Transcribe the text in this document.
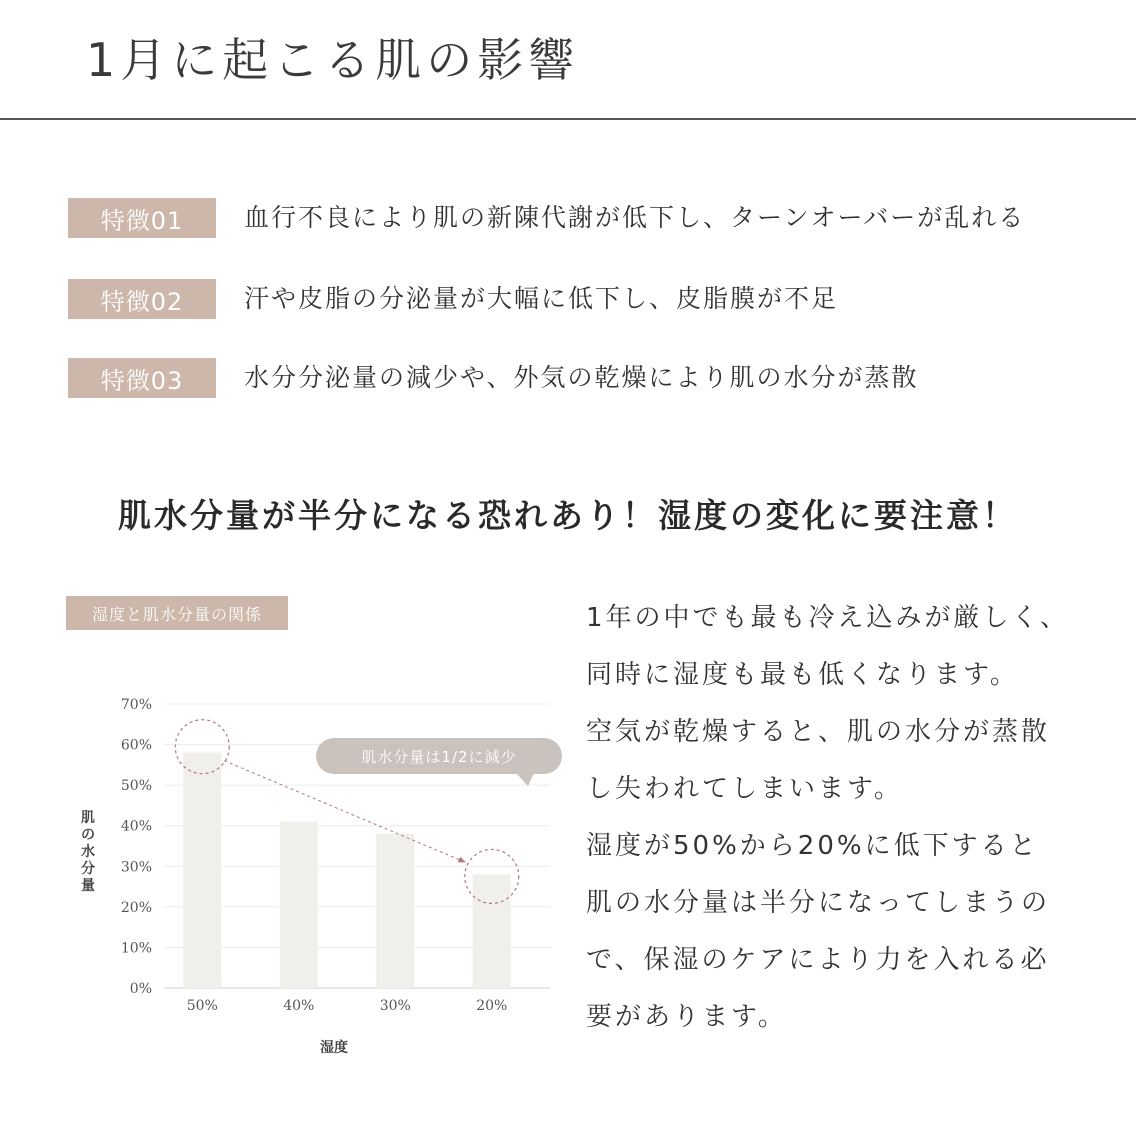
1月に起こる肌の影響
特徴01	血行不良により肌の新陳代謝が低下し、ターンオーバーが乱れる
特徴02	汗や皮脂の分泌量が大幅に低下し、皮脂膜が不足
特徴03	水分分泌量の減少や、外気の乾燥により肌の水分が蒸散
肌水分量が半分になる恐れあり！湿度の変化に要注意！
湿度と肌水分量の関係
0%
10%
20%
30%
40%
50%
60%
70%
50%	40%	30%	20%
肌の水分量
湿度
肌水分量は1/2に減少
1年の中でも最も冷え込みが厳しく、
同時に湿度も最も低くなります。
空気が乾燥すると、肌の水分が蒸散
し失われてしまいます。
湿度が50%から20%に低下すると
肌の水分量は半分になってしまうの
で、保湿のケアにより力を入れる必
要があります。
